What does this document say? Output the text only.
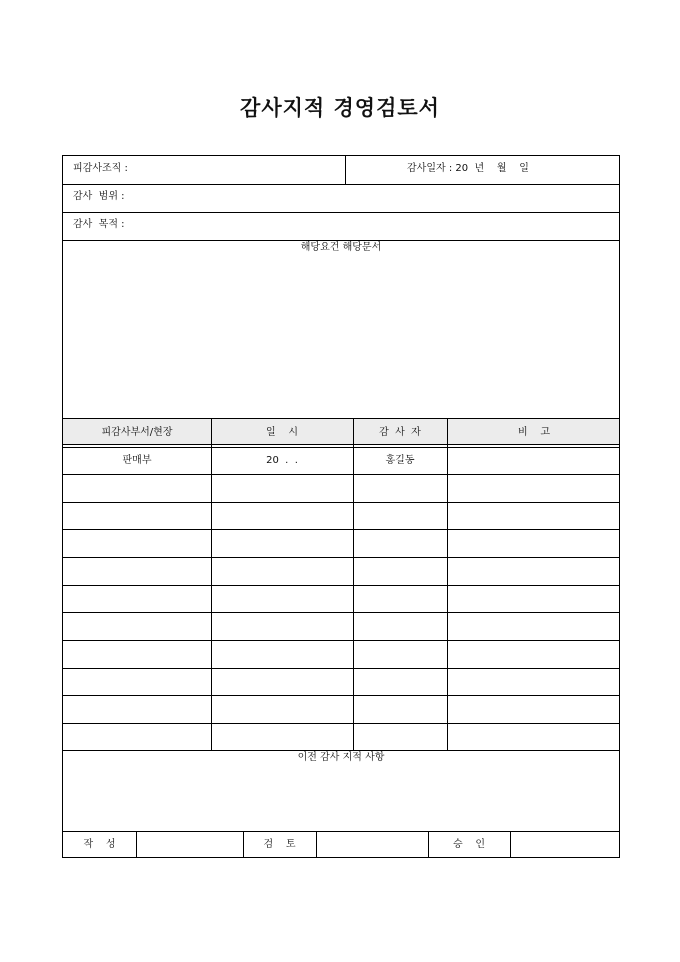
감사지적 경영검토서
피감사조직 :	감사일자 : 20  년    월    일
감사  범위 :
감사  목적 :
해당요건 해당문서
피감사부서/현장	일    시	감  사  자	비    고
판매부	20  .  .	홍길동
이전 감사 지적 사항
작    성	검    토	승    인
